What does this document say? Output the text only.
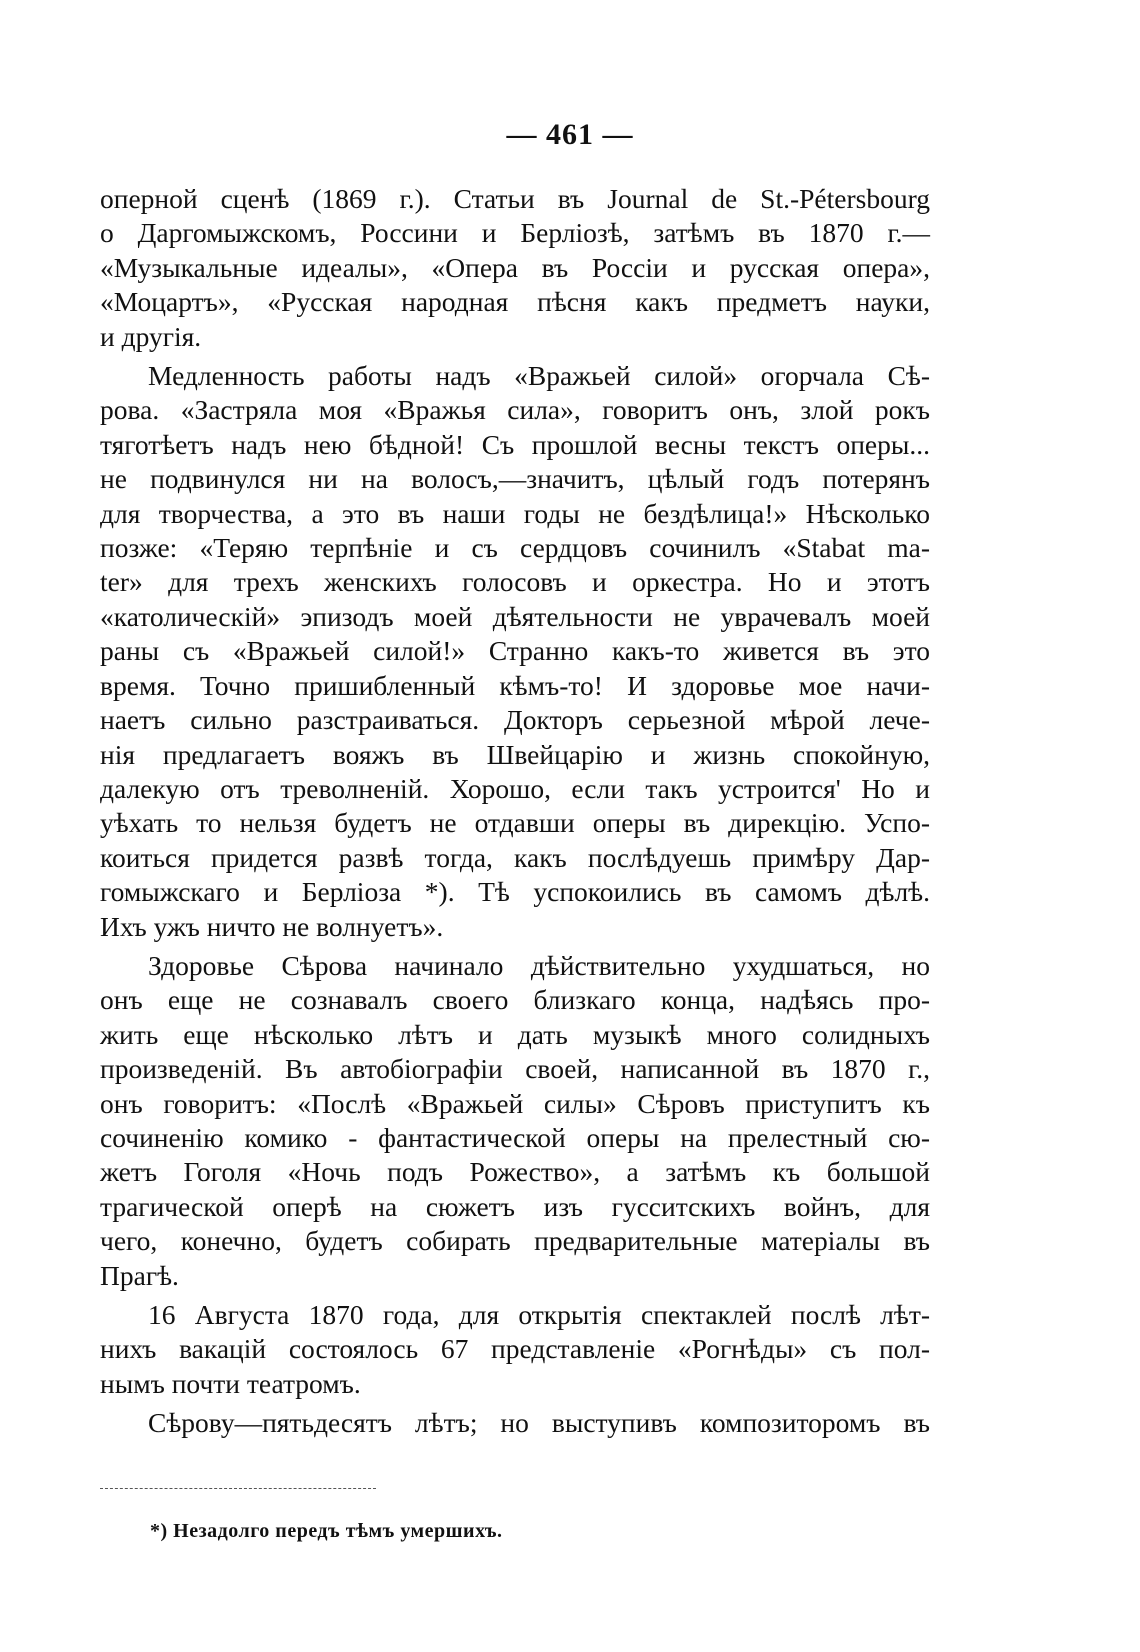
— 461 —
оперной сценѣ (1869 г.). Статьи въ Journal de St.-Pétersbourg
о Даргомыжскомъ, Россини и Берліозѣ, затѣмъ въ 1870 г.—
«Музыкальные идеалы», «Опера въ Россіи и русская опера»,
«Моцартъ», «Русская народная пѣсня какъ предметъ науки,
и другія.
Медленность работы надъ «Вражьей силой» огорчала Сѣ-
рова. «Застряла моя «Вражья сила», говоритъ онъ, злой рокъ
тяготѣетъ надъ нею бѣдной! Съ прошлой весны текстъ оперы...
не подвинулся ни на волосъ,—значитъ, цѣлый годъ потерянъ
для творчества, а это въ наши годы не бездѣлица!» Нѣсколько
позже: «Теряю терпѣніе и съ сердцовъ сочинилъ «Stabat ma-
ter» для трехъ женскихъ голосовъ и оркестра. Но и этотъ
«католическій» эпизодъ моей дѣятельности не уврачевалъ моей
раны съ «Вражьей силой!» Странно какъ-то живется въ это
время. Точно пришибленный кѣмъ-то! И здоровье мое начи-
наетъ сильно разстраиваться. Докторъ серьезной мѣрой лече-
нія предлагаетъ вояжъ въ Швейцарію и жизнь спокойную,
далекую отъ треволненій. Хорошо, если такъ устроится' Но и
уѣхать то нельзя будетъ не отдавши оперы въ дирекцію. Успо-
коиться придется развѣ тогда, какъ послѣдуешь примѣру Дар-
гомыжскаго и Берліоза *). Тѣ успокоились въ самомъ дѣлѣ.
Ихъ ужъ ничто не волнуетъ».
Здоровье Сѣрова начинало дѣйствительно ухудшаться, но
онъ еще не сознавалъ своего близкаго конца, надѣясь про-
жить еще нѣсколько лѣтъ и дать музыкѣ много солидныхъ
произведеній. Въ автобіографіи своей, написанной въ 1870 г.,
онъ говоритъ: «Послѣ «Вражьей силы» Сѣровъ приступитъ къ
сочиненію комико - фантастической оперы на прелестный сю-
жетъ Гоголя «Ночь подъ Рожество», а затѣмъ къ большой
трагической оперѣ на сюжетъ изъ гусситскихъ войнъ, для
чего, конечно, будетъ собирать предварительные матеріалы въ
Прагѣ.
16 Августа 1870 года, для открытія спектаклей послѣ лѣт-
нихъ вакацій состоялось 67 представленіе «Рогнѣды» съ пол-
нымъ почти театромъ.
Сѣрову—пятьдесятъ лѣтъ; но выступивъ композиторомъ въ
*) Незадолго передъ тѣмъ умершихъ.
